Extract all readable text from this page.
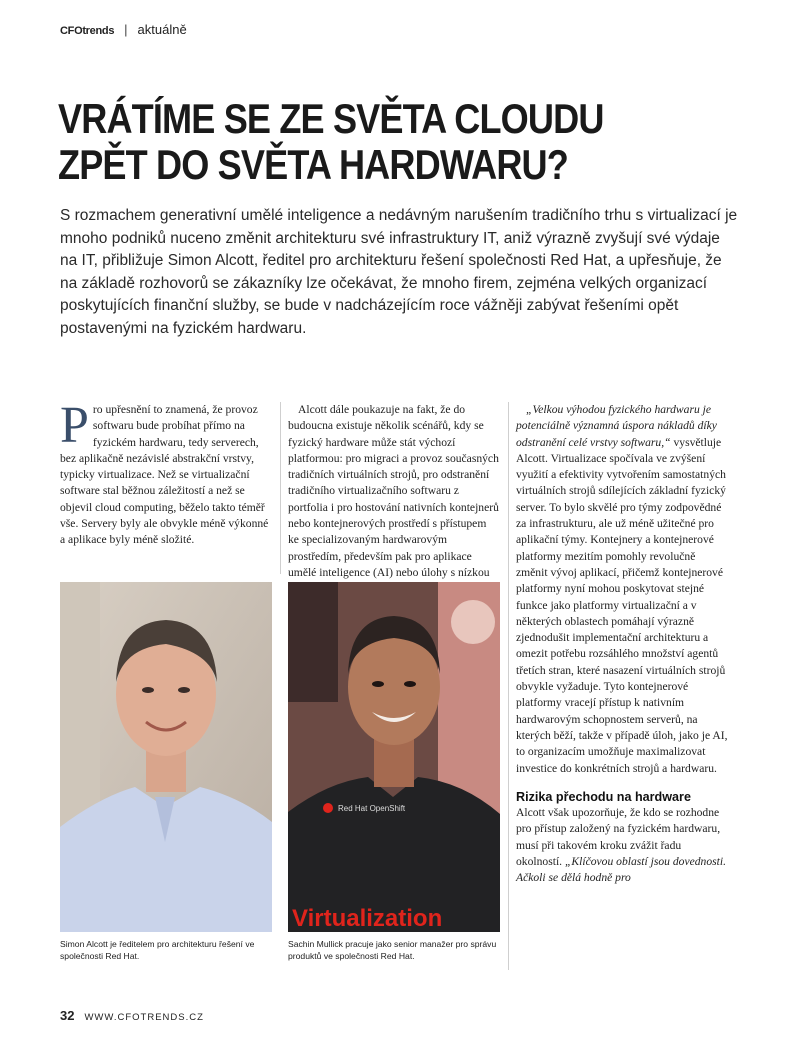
CFOtrends | aktuálně
VRÁTÍME SE ZE SVĚTA CLOUDU
ZPĚT DO SVĚTA HARDWARU?

S rozmachem generativní umělé inteligence a nedávným narušením tradičního trhu s virtualizací je mnoho podniků nuceno změnit architekturu své infrastruktury IT, aniž výrazně zvyšují své výdaje na IT, přibližuje Simon Alcott, ředitel pro architekturu řešení společnosti Red Hat, a upřesňuje, že na základě rozhovorů se zákazníky lze očekávat, že mnoho firem, zejména velkých organizací poskytujících finanční služby, se bude v nadcházejícím roce vážněji zabývat řešeními opět postavenými na fyzickém hardwaru.

Pro upřesnění to znamená, že provoz softwaru bude probíhat přímo na fyzickém hardwaru, tedy serverech, bez aplikačně nezávislé abstrakční vrstvy, typicky virtualizace. Než se virtualizační software stal běžnou záležitostí a než se objevil cloud computing, běželo takto téměř vše. Servery byly ale obvykle méně výkonné a aplikace byly méně složité.
Alcott dále poukazuje na fakt, že do budoucna existuje několik scénářů, kdy se fyzický hardware může stát výchozí platformou: pro migraci a provoz současných tradičních virtuálních strojů, pro odstranění tradičního virtualizačního softwaru z portfolia i pro hostování nativních kontejnerů nebo kontejnerových prostředí s přístupem ke specializovaným hardwarovým prostředím, především pak pro aplikace umělé inteligence (AI) nebo úlohy s nízkou

„Velkou výhodou fyzického hardwaru je potenciálně významná úspora nákladů díky odstranění celé vrstvy softwaru,“ vysvětluje Alcott. Virtualizace spočívala ve zvýšení využití a efektivity vytvořením samostatných virtuálních strojů sdílejících základní fyzický server. To bylo skvělé pro týmy zodpovědné za infrastrukturu, ale už méně užitečné pro aplikační týmy. Kontejnery a kontejnerové platformy mezitím pomohly revolučně změnit vývoj aplikací, přičemž kontejnerové platformy nyní mohou poskytovat stejné funkce jako platformy virtualizační a v některých oblastech pomáhají výrazně zjednodušit implementační architekturu a omezit potřebu rozsáhlého množství agentů třetích stran, které nasazení virtuálních strojů obvykle vyžaduje. Tyto kontejnerové platformy vracejí přístup k nativním hardwarovým schopnostem serverů, na kterých běží, takže v případě úloh, jako je AI, to organizacím umožňuje maximalizovat investice do konkrétních strojů a hardwaru.

Rizika přechodu na hardware

Alcott však upozorňuje, že kdo se rozhodne pro přístup založený na fyzickém hardwaru, musí při takovém kroku zvážit řadu okolností. „Klíčovou oblastí jsou dovednosti. Ačkoli se dělá hodně pro

Simon Alcott je ředitelem pro architekturu řešení ve společnosti Red Hat.

Red Hat OpenShift
Virtualization

Sachin Mullick pracuje jako senior manažer pro správu produktů ve společnosti Red Hat.

32 WWW.CFOTRENDS.CZ
